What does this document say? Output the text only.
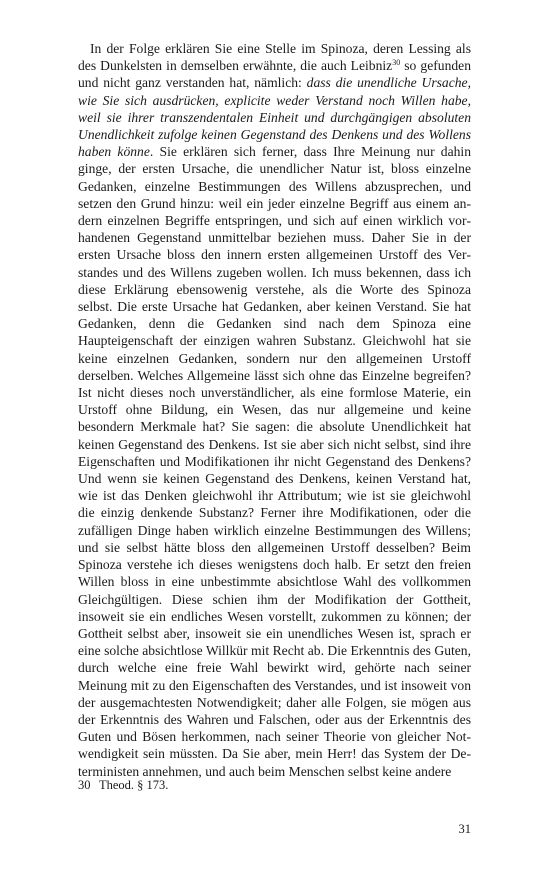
In der Folge erklären Sie eine Stelle im Spinoza, deren Lessing als des Dunkelsten in demselben erwähnte, die auch Leibniz$^{30}$ so gefunden und nicht ganz verstanden hat, nämlich: dass die unendliche Ursache, wie Sie sich ausdrücken, explicite weder Verstand noch Willen habe, weil sie ihrer transzendentalen Einheit und durchgängigen absoluten Unendlichkeit zufolge keinen Gegenstand des Denkens und des Wollens haben könne. Sie erklären sich ferner, dass Ihre Meinung nur dahin ginge, der ersten Ursache, die unendlicher Natur ist, bloss einzelne Gedanken, einzelne Bestimmungen des Willens abzusprechen, und setzen den Grund hinzu: weil ein jeder einzelne Begriff aus einem andern einzelnen Begriffe entspringen, und sich auf einen wirklich vorhandenen Gegenstand unmittelbar beziehen muss. Daher Sie in der ersten Ursache bloss den innern ersten allgemeinen Urstoff des Verstandes und des Willens zugeben wollen. Ich muss bekennen, dass ich diese Erklärung ebensowenig verstehe, als die Worte des Spinoza selbst. Die erste Ursache hat Gedanken, aber keinen Verstand. Sie hat Gedanken, denn die Gedanken sind nach dem Spinoza eine Haupteigenschaft der einzigen wahren Substanz. Gleichwohl hat sie keine einzelnen Gedanken, sondern nur den allgemeinen Urstoff derselben. Welches Allgemeine lässt sich ohne das Einzelne begreifen? Ist nicht dieses noch unverständlicher, als eine formlose Materie, ein Urstoff ohne Bildung, ein Wesen, das nur allgemeine und keine besondern Merkmale hat? Sie sagen: die absolute Unendlichkeit hat keinen Gegenstand des Denkens. Ist sie aber sich nicht selbst, sind ihre Eigenschaften und Modifikationen ihr nicht Gegenstand des Denkens? Und wenn sie keinen Gegenstand des Denkens, keinen Verstand hat, wie ist das Denken gleichwohl ihr Attributum; wie ist sie gleichwohl die einzig denkende Substanz? Ferner ihre Modifikationen, oder die zufälligen Dinge haben wirklich einzelne Bestimmungen des Willens; und sie selbst hätte bloss den allgemeinen Urstoff desselben? Beim Spinoza verstehe ich dieses wenigstens doch halb. Er setzt den freien Willen bloss in eine unbestimmte absichtlose Wahl des vollkommen Gleichgültigen. Diese schien ihm der Modifikation der Gottheit, insoweit sie ein endliches Wesen vorstellt, zukommen zu können; der Gottheit selbst aber, insoweit sie ein unendliches Wesen ist, sprach er eine solche absichtlose Willkür mit Recht ab. Die Erkenntnis des Guten, durch welche eine freie Wahl bewirkt wird, gehörte nach seiner Meinung mit zu den Eigenschaften des Verstandes, und ist insoweit von der ausgemachtesten Notwendigkeit; daher alle Folgen, sie mögen aus der Erkenntnis des Wahren und Falschen, oder aus der Erkenntnis des Guten und Bösen herkommen, nach seiner Theorie von gleicher Notwendigkeit sein müssten. Da Sie aber, mein Herr! das System der Deterministen annehmen, und auch beim Menschen selbst keine andere

30 Theod. § 173.
31
